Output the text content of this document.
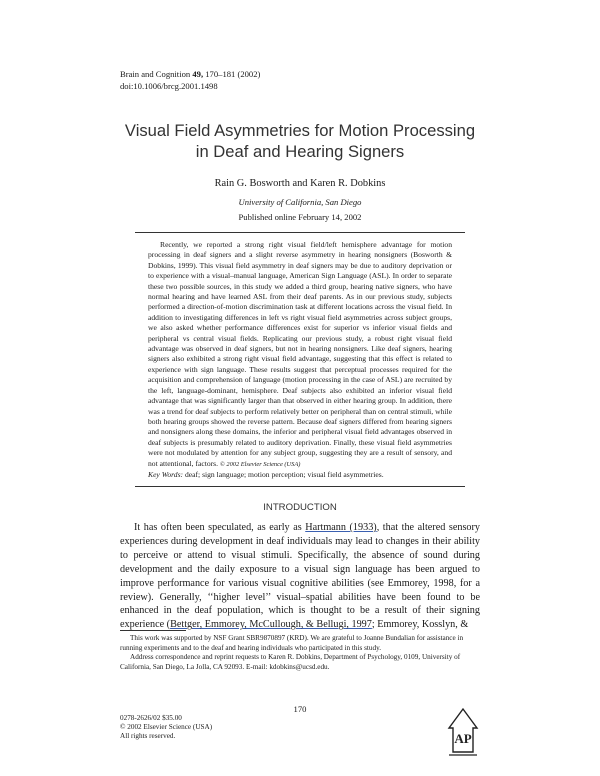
Brain and Cognition 49, 170–181 (2002)
doi:10.1006/brcg.2001.1498
Visual Field Asymmetries for Motion Processing
in Deaf and Hearing Signers
Rain G. Bosworth and Karen R. Dobkins
University of California, San Diego
Published online February 14, 2002
Recently, we reported a strong right visual field/left hemisphere advantage for motion processing in deaf signers and a slight reverse asymmetry in hearing nonsigners (Bosworth & Dobkins, 1999). This visual field asymmetry in deaf signers may be due to auditory deprivation or to experience with a visual–manual language, American Sign Language (ASL). In order to separate these two possible sources, in this study we added a third group, hearing native signers, who have normal hearing and have learned ASL from their deaf parents. As in our previous study, subjects performed a direction-of-motion discrimination task at different locations across the visual field. In addition to investigating differences in left vs right visual field asymmetries across subject groups, we also asked whether performance differences exist for superior vs inferior visual fields and peripheral vs central visual fields. Replicating our previous study, a robust right visual field advantage was observed in deaf signers, but not in hearing nonsigners. Like deaf signers, hearing signers also exhibited a strong right visual field advantage, suggesting that this effect is related to experience with sign language. These results suggest that perceptual processes required for the acquisition and comprehension of language (motion processing in the case of ASL) are recruited by the left, language-dominant, hemisphere. Deaf subjects also exhibited an inferior visual field advantage that was significantly larger than that observed in either hearing group. In addition, there was a trend for deaf subjects to perform relatively better on peripheral than on central stimuli, while both hearing groups showed the reverse pattern. Because deaf signers differed from hearing signers and nonsigners along these domains, the inferior and peripheral visual field advantages observed in deaf subjects is presumably related to auditory deprivation. Finally, these visual field asymmetries were not modulated by attention for any subject group, suggesting they are a result of sensory, and not attentional, factors. © 2002 Elsevier Science (USA)
Key Words: deaf; sign language; motion perception; visual field asymmetries.
INTRODUCTION
It has often been speculated, as early as Hartmann (1933), that the altered sensory experiences during development in deaf individuals may lead to changes in their ability to perceive or attend to visual stimuli. Specifically, the absence of sound during development and the daily exposure to a visual sign language has been argued to improve performance for various visual cognitive abilities (see Emmorey, 1998, for a review). Generally, ‘‘higher level’’ visual–spatial abilities have been found to be enhanced in the deaf population, which is thought to be a result of their signing experience (Bettger, Emmorey, McCullough, & Bellugi, 1997; Emmorey, Kosslyn, &

This work was supported by NSF Grant SBR9870897 (KRD). We are grateful to Joanne Bundalian for assistance in running experiments and to the deaf and hearing individuals who participated in this study.

Address correspondence and reprint requests to Karen R. Dobkins, Department of Psychology, 0109, University of California, San Diego, La Jolla, CA 92093. E-mail: kdobkins@ucsd.edu.

170
0278-2626/02 $35.00
© 2002 Elsevier Science (USA)
All rights reserved.	AP
